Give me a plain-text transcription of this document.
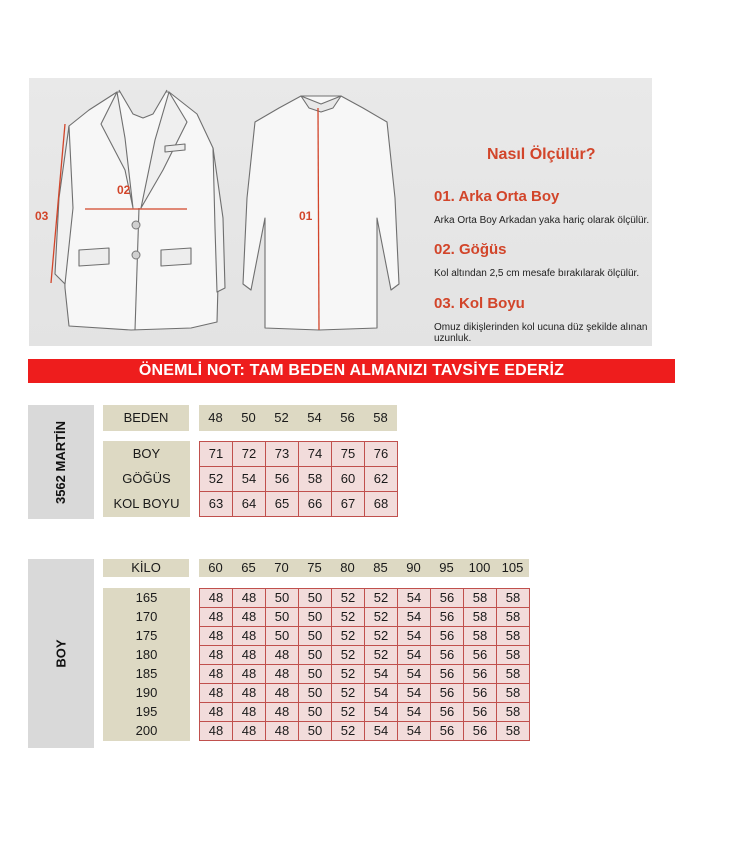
02
03	01
Nasıl Ölçülür?
01. Arka Orta Boy
Arka Orta Boy Arkadan yaka hariç olarak ölçülür.
02. Göğüs
Kol altından 2,5 cm mesafe bırakılarak ölçülür.
03. Kol Boyu
Omuz dikişlerinden kol ucuna düz şekilde alınan uzunluk.
ÖNEMLİ NOT: TAM BEDEN ALMANIZI TAVSİYE EDERİZ
3562 MARTİN
BEDEN		48	50	52	54	56	58

BOY		71	72	73	74	75	76
GÖĞÜS		52	54	56	58	60	62
KOL BOYU		63	64	65	66	67	68
BOY
KİLO		60	65	70	75	80	85	90	95	100	105
165		48	48	50	50	52	52	54	56	58	58
170		48	48	50	50	52	52	54	56	58	58
175		48	48	50	50	52	52	54	56	58	58
180		48	48	48	50	52	52	54	56	56	58
185		48	48	48	50	52	54	54	56	56	58
190		48	48	48	50	52	54	54	56	56	58
195		48	48	48	50	52	54	54	56	56	58
200		48	48	48	50	52	54	54	56	56	58
